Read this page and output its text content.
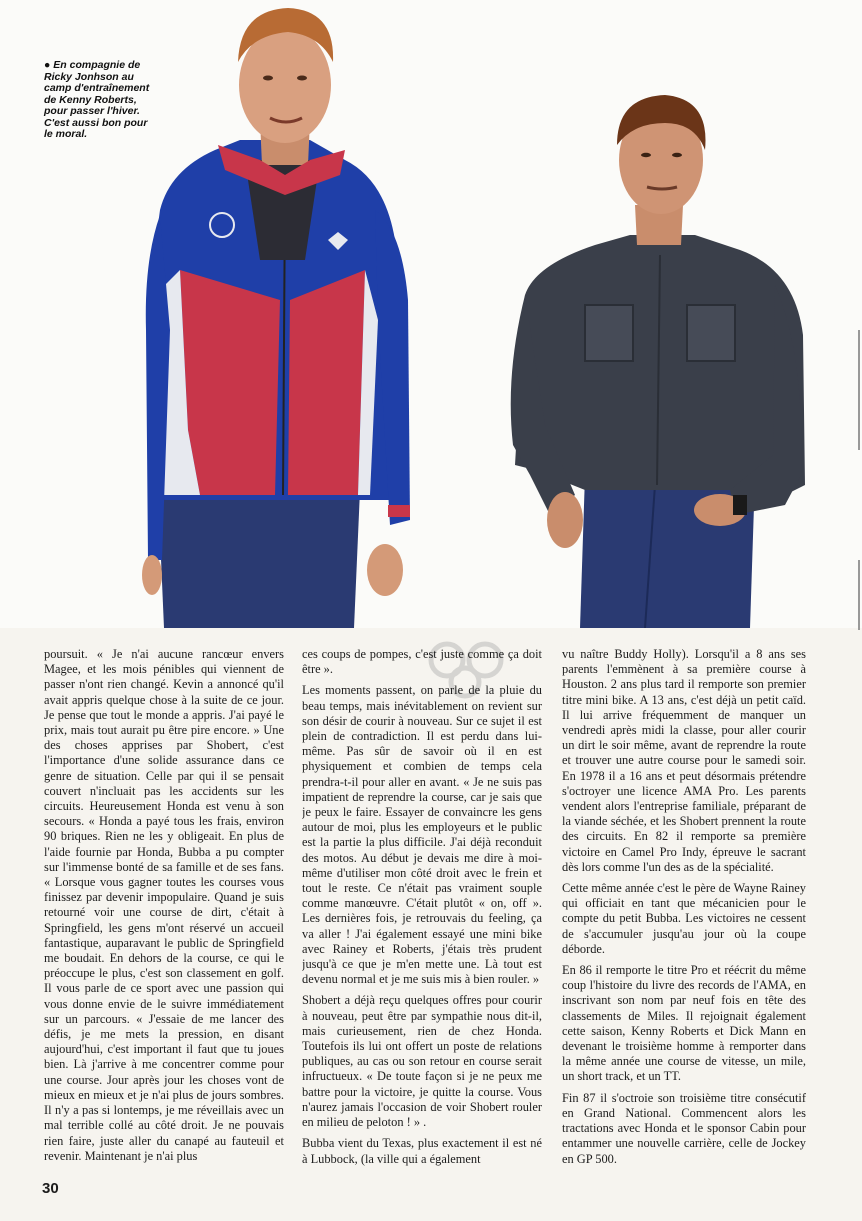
● En compagnie de Ricky Jonhson au camp d'entraînement de Kenny Roberts, pour passer l'hiver. C'est aussi bon pour le moral.

poursuit. « Je n'ai aucune rancœur envers Magee, et les mois pénibles qui viennent de passer n'ont rien changé. Kevin a annoncé qu'il avait appris quelque chose à la suite de ce jour. Je pense que tout le monde a appris. J'ai payé le prix, mais tout aurait pu être pire encore. » Une des choses apprises par Shobert, c'est l'importance d'une solide assurance dans ce genre de situation. Celle par qui il se pensait couvert n'incluait pas les accidents sur les circuits. Heureusement Honda est venu à son secours. « Honda a payé tous les frais, environ 90 briques. Rien ne les y obligeait. En plus de l'aide fournie par Honda, Bubba a pu compter sur l'immense bonté de sa famille et de ses fans. « Lorsque vous gagner toutes les courses vous finissez par devenir impopulaire. Quand je suis retourné voir une course de dirt, c'était à Springfield, les gens m'ont réservé un accueil fantastique, auparavant le public de Springfield me boudait. En dehors de la course, ce qui le préoccupe le plus, c'est son classement en golf. Il vous parle de ce sport avec une passion qui vous donne envie de le suivre immédiatement sur un parcours. « J'essaie de me lancer des défis, je me mets la pression, en disant aujourd'hui, c'est important il faut que tu joues bien. Là j'arrive à me concentrer comme pour une course. Jour après jour les choses vont de mieux en mieux et je n'ai plus de jours sombres. Il n'y a pas si lontemps, je me réveillais avec un mal terrible collé au côté droit. Je ne pouvais rien faire, juste aller du canapé au fauteuil et revenir. Maintenant je n'ai plus

ces coups de pompes, c'est juste comme ça doit être ».

Les moments passent, on parle de la pluie du beau temps, mais inévitablement on revient sur son désir de courir à nouveau. Sur ce sujet il est plein de contradiction. Il est perdu dans lui-même. Pas sûr de savoir où il en est physiquement et combien de temps cela prendra-t-il pour aller en avant. « Je ne suis pas impatient de reprendre la course, car je sais que je peux le faire. Essayer de convaincre les gens autour de moi, plus les employeurs et le public est la partie la plus difficile. J'ai déjà reconduit des motos. Au début je devais me dire à moi-même d'utiliser mon côté droit avec le frein et tout le reste. Ce n'était pas vraiment souple comme manœuvre. C'était plutôt « on, off ». Les dernières fois, je retrouvais du feeling, ça va aller ! J'ai également essayé une mini bike avec Rainey et Roberts, j'étais très prudent jusqu'à ce que je m'en mette une. Là tout est devenu normal et je me suis mis à bien rouler. »

Shobert a déjà reçu quelques offres pour courir à nouveau, peut être par sympathie nous dit-il, mais curieusement, rien de chez Honda. Toutefois ils lui ont offert un poste de relations publiques, au cas ou son retour en course serait infructueux. « De toute façon si je ne peux me battre pour la victoire, je quitte la course. Vous n'aurez jamais l'occasion de voir Shobert rouler en milieu de peloton ! » .

Bubba vient du Texas, plus exactement il est né à Lubbock, (la ville qui a également

vu naître Buddy Holly). Lorsqu'il a 8 ans ses parents l'emmènent à sa première course à Houston. 2 ans plus tard il remporte son premier titre mini bike. A 13 ans, c'est déjà un petit caïd. Il lui arrive fréquemment de manquer un vendredi après midi la classe, pour aller courir un dirt le soir même, avant de reprendre la route et trouver une autre course pour le samedi soir. En 1978 il a 16 ans et peut désormais prétendre s'octroyer une licence AMA Pro. Les parents vendent alors l'entreprise familiale, préparant de la viande séchée, et les Shobert prennent la route des circuits. En 82 il remporte sa première victoire en Camel Pro Indy, épreuve le sacrant dès lors comme l'un des as de la spécialité.

Cette même année c'est le père de Wayne Rainey qui officiait en tant que mécanicien pour le compte du petit Bubba. Les victoires ne cessent de s'accumuler jusqu'au jour où la coupe déborde.

En 86 il remporte le titre Pro et réécrit du même coup l'histoire du livre des records de l'AMA, en inscrivant son nom par neuf fois en tête des classements de Miles. Il rejoignait également cette saison, Kenny Roberts et Dick Mann en devenant le troisième homme à remporter dans la même année une course de vitesse, un mile, un short track, et un TT.

Fin 87 il s'octroie son troisième titre consécutif en Grand National. Commencent alors les tractations avec Honda et le sponsor Cabin pour entammer une nouvelle carrière, celle de Jockey en GP 500.

30
